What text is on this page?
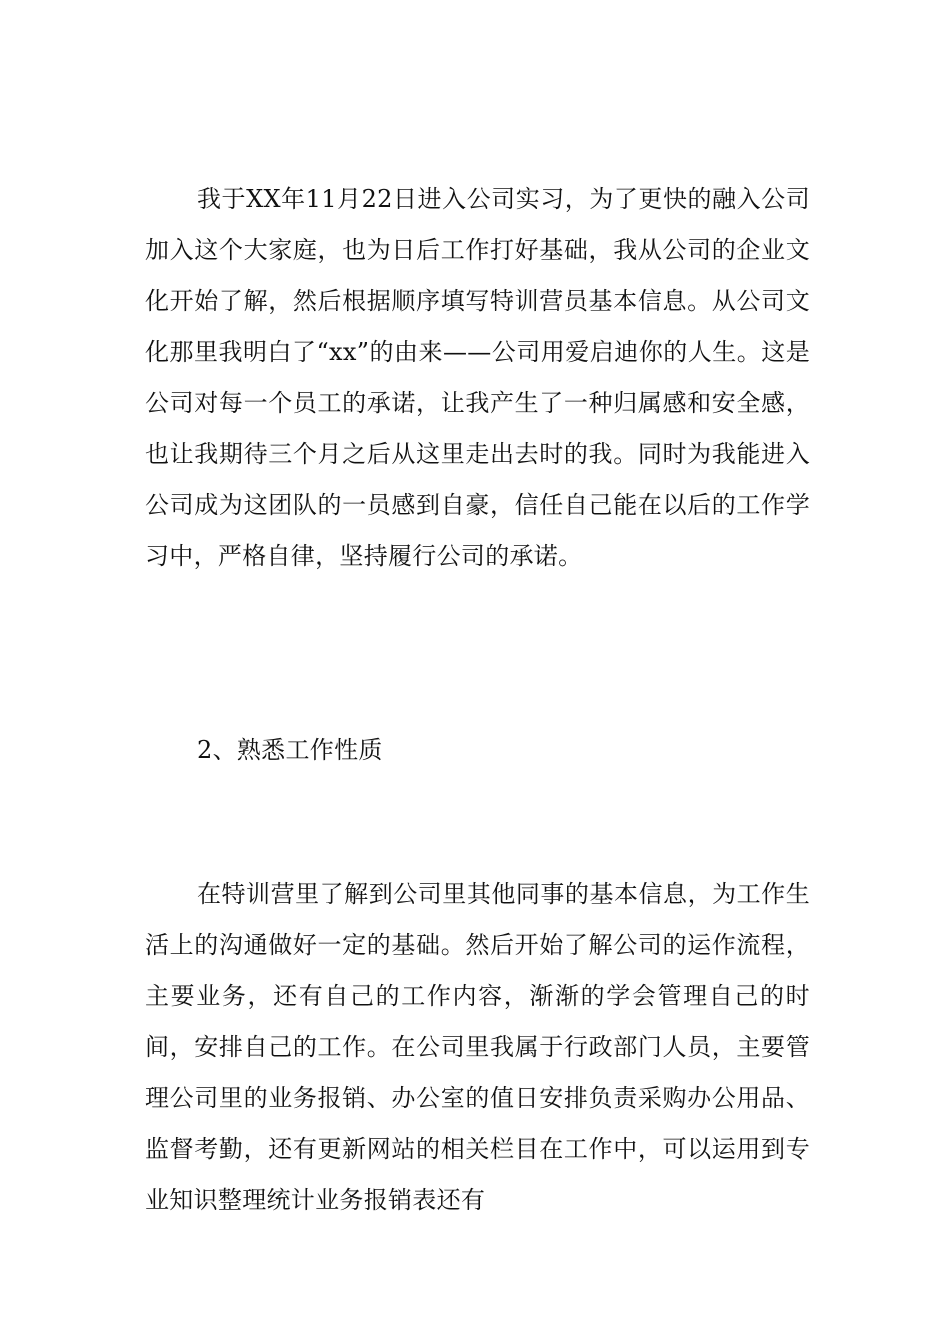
我于XX年11月22日进入公司实习，为了更快的融入公司加入这个大家庭，也为日后工作打好基础，我从公司的企业文化开始了解，然后根据顺序填写特训营员基本信息。从公司文化那里我明白了“xx”的由来——公司用爱启迪你的人生。这是公司对每一个员工的承诺，让我产生了一种归属感和安全感，也让我期待三个月之后从这里走出去时的我。同时为我能进入公司成为这团队的一员感到自豪，信任自己能在以后的工作学习中，严格自律，坚持履行公司的承诺。

2、熟悉工作性质

在特训营里了解到公司里其他同事的基本信息，为工作生活上的沟通做好一定的基础。然后开始了解公司的运作流程，主要业务，还有自己的工作内容，渐渐的学会管理自己的时间，安排自己的工作。在公司里我属于行政部门人员，主要管理公司里的业务报销、办公室的值日安排负责采购办公用品、监督考勤，还有更新网站的相关栏目在工作中，可以运用到专业知识整理统计业务报销表还有
